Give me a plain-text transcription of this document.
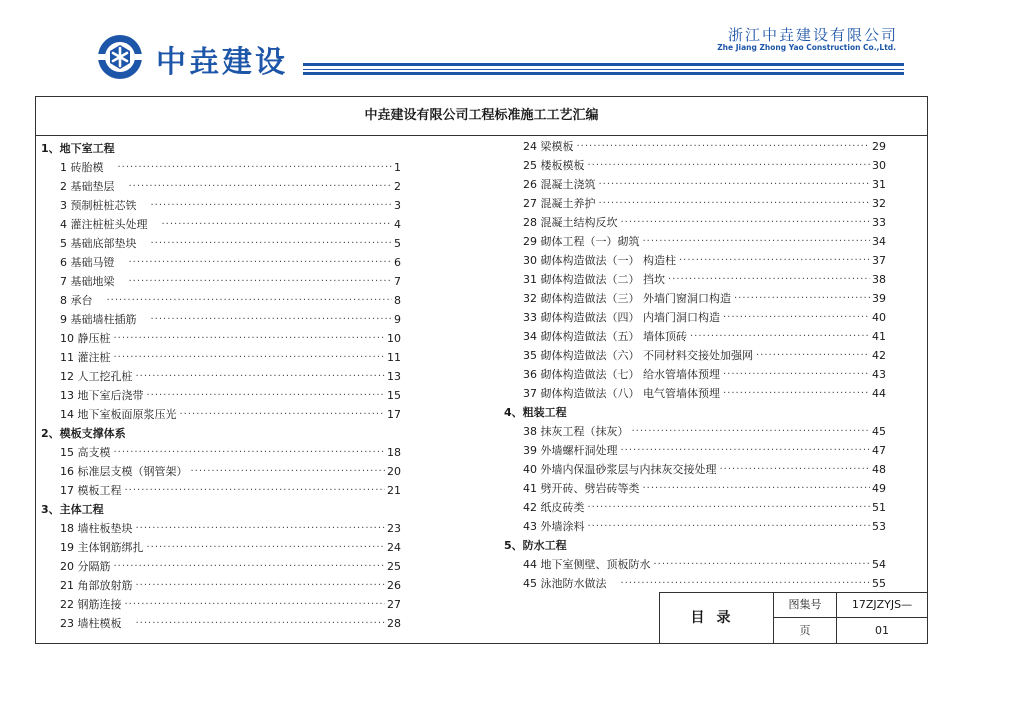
中垚建设
浙江中垚建设有限公司
Zhe Jiang Zhong Yao Construction Co.,Ltd.
中垚建设有限公司工程标准施工工艺汇编
1、地下室工程
1 砖胎模 ·····	1
2 基础垫层 ·····	2
3 预制桩桩芯铁 ·····	3
4 灌注桩桩头处理 ·····	4
5 基础底部垫块 ·····	5
6 基础马镫 ·····	6
7 基础地梁 ·····	7
8 承台 ·····	8
9 基础墙柱插筋 ·····	9
10 静压桩 ·····	10
11 灌注桩 ·····	11
12 人工挖孔桩 ·····	13
13 地下室后浇带 ·····	15
14 地下室板面原浆压光 ·····	17
2、模板支撑体系
15 高支模 ·····	18
16 标准层支模（钢管架） ·····	20
17 模板工程 ·····	21
3、主体工程
18 墙柱板垫块 ·····	23
19 主体钢筋绑扎 ·····	24
20 分隔筋 ·····	25
21 角部放射筋 ·····	26
22 钢筋连接 ·····	27
23 墙柱模板 ·····	28
24 梁模板 ·····	29
25 楼板模板 ·····	30
26 混凝土浇筑 ·····	31
27 混凝土养护 ·····	32
28 混凝土结构反坎 ·····	33
29 砌体工程（一）砌筑 ·····	34
30 砌体构造做法（一） 构造柱 ·····	37
31 砌体构造做法（二） 挡坎 ·····	38
32 砌体构造做法（三） 外墙门窗洞口构造 ·····	39
33 砌体构造做法（四） 内墙门洞口构造 ·····	40
34 砌体构造做法（五） 墙体顶砖 ·····	41
35 砌体构造做法（六） 不同材料交接处加强网 ·····	42
36 砌体构造做法（七） 给水管墙体预埋 ·····	43
37 砌体构造做法（八） 电气管墙体预埋 ·····	44
4、粗装工程
38 抹灰工程（抹灰） ·····	45
39 外墙螺杆洞处理 ·····	47
40 外墙内保温砂浆层与内抹灰交接处理 ·····	48
41 劈开砖、劈岩砖等类 ·····	49
42 纸皮砖类 ·····	51
43 外墙涂料 ·····	53
5、防水工程
44 地下室侧壁、顶板防水 ·····	54
45 泳池防水做法 ·····	55
目录
图集号	17ZJZYJS—
页	01
